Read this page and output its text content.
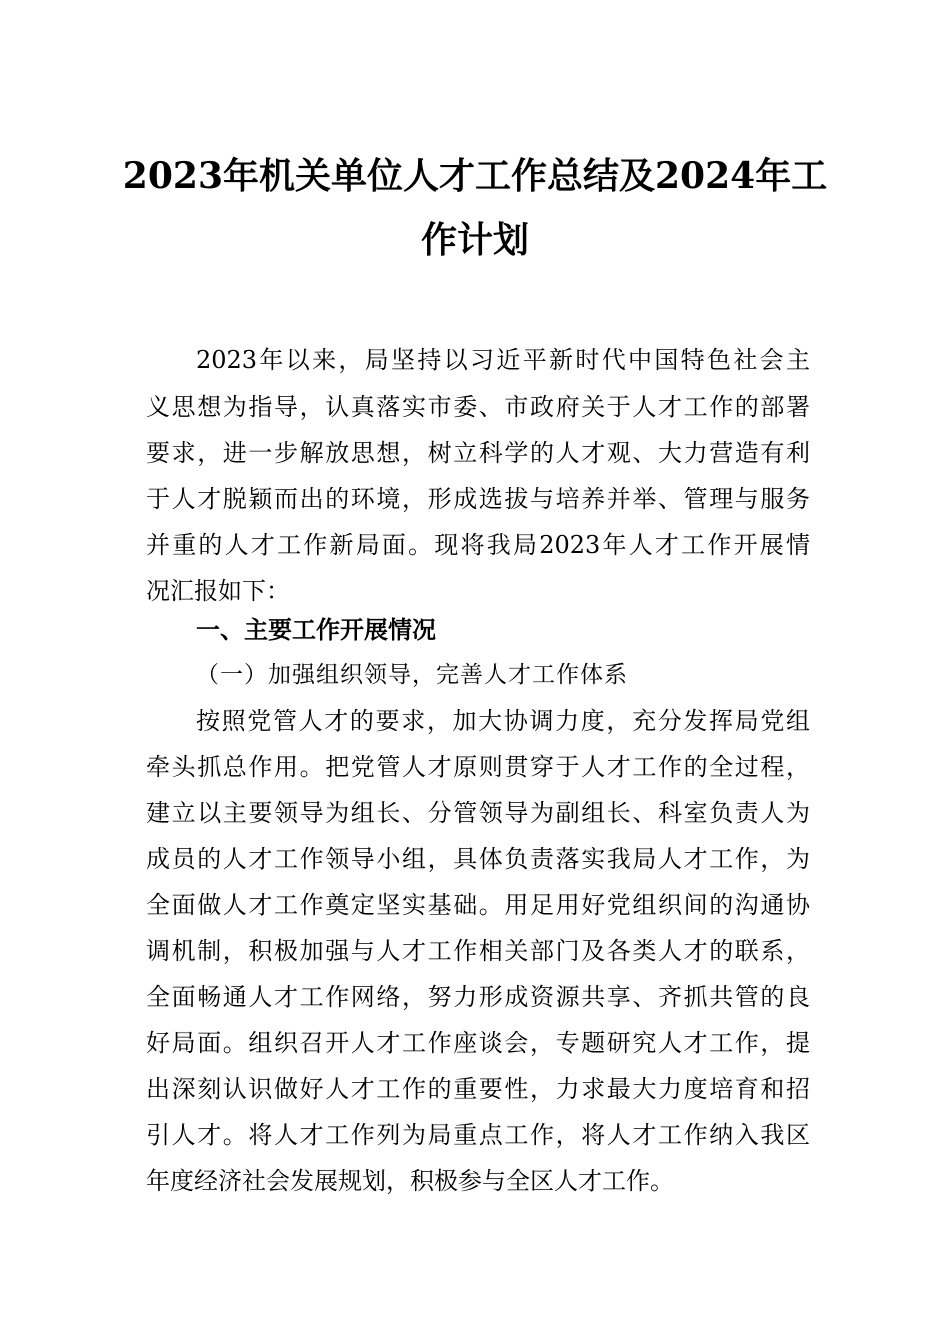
2023年机关单位人才工作总结及2024年工
作计划

2023年以来，局坚持以习近平新时代中国特色社会主

义思想为指导，认真落实市委、市政府关于人才工作的部署

要求，进一步解放思想，树立科学的人才观、大力营造有利

于人才脱颖而出的环境，形成选拔与培养并举、管理与服务

并重的人才工作新局面。现将我局2023年人才工作开展情

况汇报如下：

一、主要工作开展情况
（一）加强组织领导，完善人才工作体系

按照党管人才的要求，加大协调力度，充分发挥局党组

牵头抓总作用。把党管人才原则贯穿于人才工作的全过程，

建立以主要领导为组长、分管领导为副组长、科室负责人为

成员的人才工作领导小组，具体负责落实我局人才工作，为

全面做人才工作奠定坚实基础。用足用好党组织间的沟通协

调机制，积极加强与人才工作相关部门及各类人才的联系，

全面畅通人才工作网络，努力形成资源共享、齐抓共管的良

好局面。组织召开人才工作座谈会，专题研究人才工作，提

出深刻认识做好人才工作的重要性，力求最大力度培育和招

引人才。将人才工作列为局重点工作，将人才工作纳入我区

年度经济社会发展规划，积极参与全区人才工作。
